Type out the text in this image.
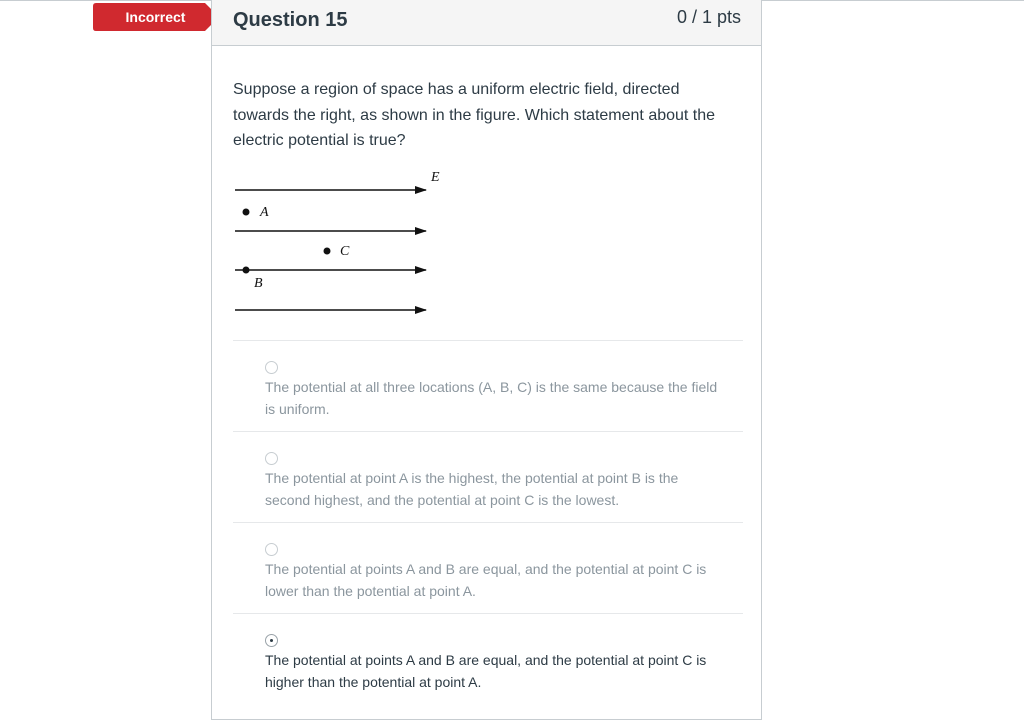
Incorrect	Question 15	0 / 1 pts
Suppose a region of space has a uniform electric field, directed towards the right, as shown in the figure. Which statement about the electric potential is true?
E
A
C
B
The potential at all three locations (A, B, C) is the same because the field is uniform.
The potential at point A is the highest, the potential at point B is the second highest, and the potential at point C is the lowest.
The potential at points A and B are equal, and the potential at point C is lower than the potential at point A.
The potential at points A and B are equal, and the potential at point C is higher than the potential at point A.
